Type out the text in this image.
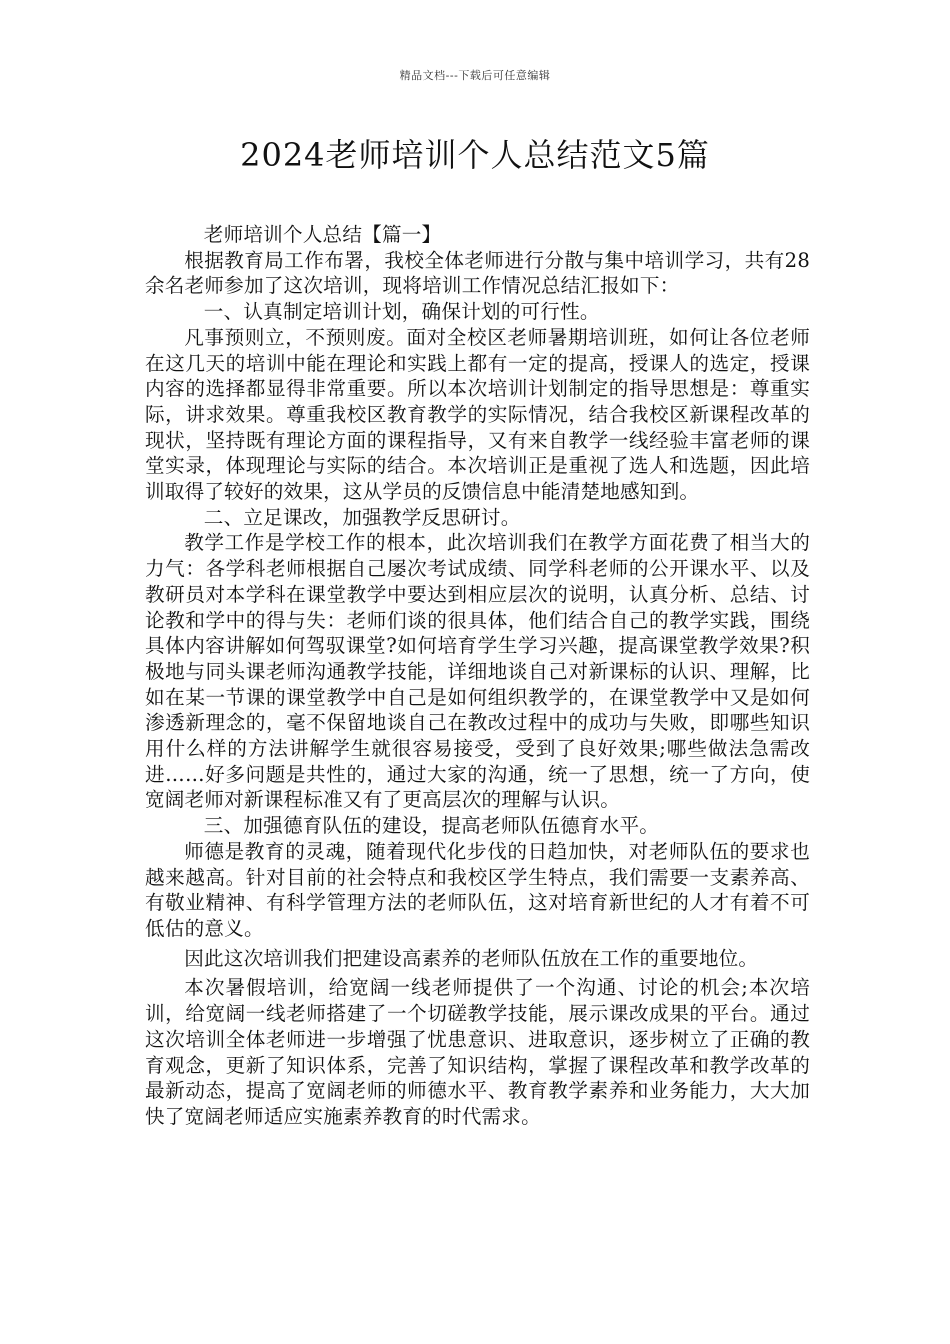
精品文档---下载后可任意编辑
2024老师培训个人总结范文5篇

老师培训个人总结【篇一】

根据教育局工作布署，我校全体老师进行分散与集中培训学习，共有28余名老师参加了这次培训，现将培训工作情况总结汇报如下：

一、认真制定培训计划，确保计划的可行性。

凡事预则立，不预则废。面对全校区老师暑期培训班，如何让各位老师在这几天的培训中能在理论和实践上都有一定的提高，授课人的选定，授课内容的选择都显得非常重要。所以本次培训计划制定的指导思想是：尊重实际，讲求效果。尊重我校区教育教学的实际情况，结合我校区新课程改革的现状，坚持既有理论方面的课程指导，又有来自教学一线经验丰富老师的课堂实录，体现理论与实际的结合。本次培训正是重视了选人和选题，因此培训取得了较好的效果，这从学员的反馈信息中能清楚地感知到。

二、立足课改，加强教学反思研讨。

教学工作是学校工作的根本，此次培训我们在教学方面花费了相当大的力气：各学科老师根据自己屡次考试成绩、同学科老师的公开课水平、以及教研员对本学科在课堂教学中要达到相应层次的说明，认真分析、总结、讨论教和学中的得与失：老师们谈的很具体，他们结合自己的教学实践，围绕具体内容讲解如何驾驭课堂?如何培育学生学习兴趣，提高课堂教学效果?积极地与同头课老师沟通教学技能，详细地谈自己对新课标的认识、理解，比如在某一节课的课堂教学中自己是如何组织教学的，在课堂教学中又是如何渗透新理念的，毫不保留地谈自己在教改过程中的成功与失败，即哪些知识用什么样的方法讲解学生就很容易接受，受到了良好效果;哪些做法急需改进……好多问题是共性的，通过大家的沟通，统一了思想，统一了方向，使宽阔老师对新课程标准又有了更高层次的理解与认识。

三、加强德育队伍的建设，提高老师队伍德育水平。

师德是教育的灵魂，随着现代化步伐的日趋加快，对老师队伍的要求也越来越高。针对目前的社会特点和我校区学生特点，我们需要一支素养高、有敬业精神、有科学管理方法的老师队伍，这对培育新世纪的人才有着不可低估的意义。

因此这次培训我们把建设高素养的老师队伍放在工作的重要地位。

本次暑假培训，给宽阔一线老师提供了一个沟通、讨论的机会;本次培训，给宽阔一线老师搭建了一个切磋教学技能，展示课改成果的平台。通过这次培训全体老师进一步增强了忧患意识、进取意识，逐步树立了正确的教育观念，更新了知识体系，完善了知识结构，掌握了课程改革和教学改革的最新动态，提高了宽阔老师的师德水平、教育教学素养和业务能力，大大加快了宽阔老师适应实施素养教育的时代需求。
